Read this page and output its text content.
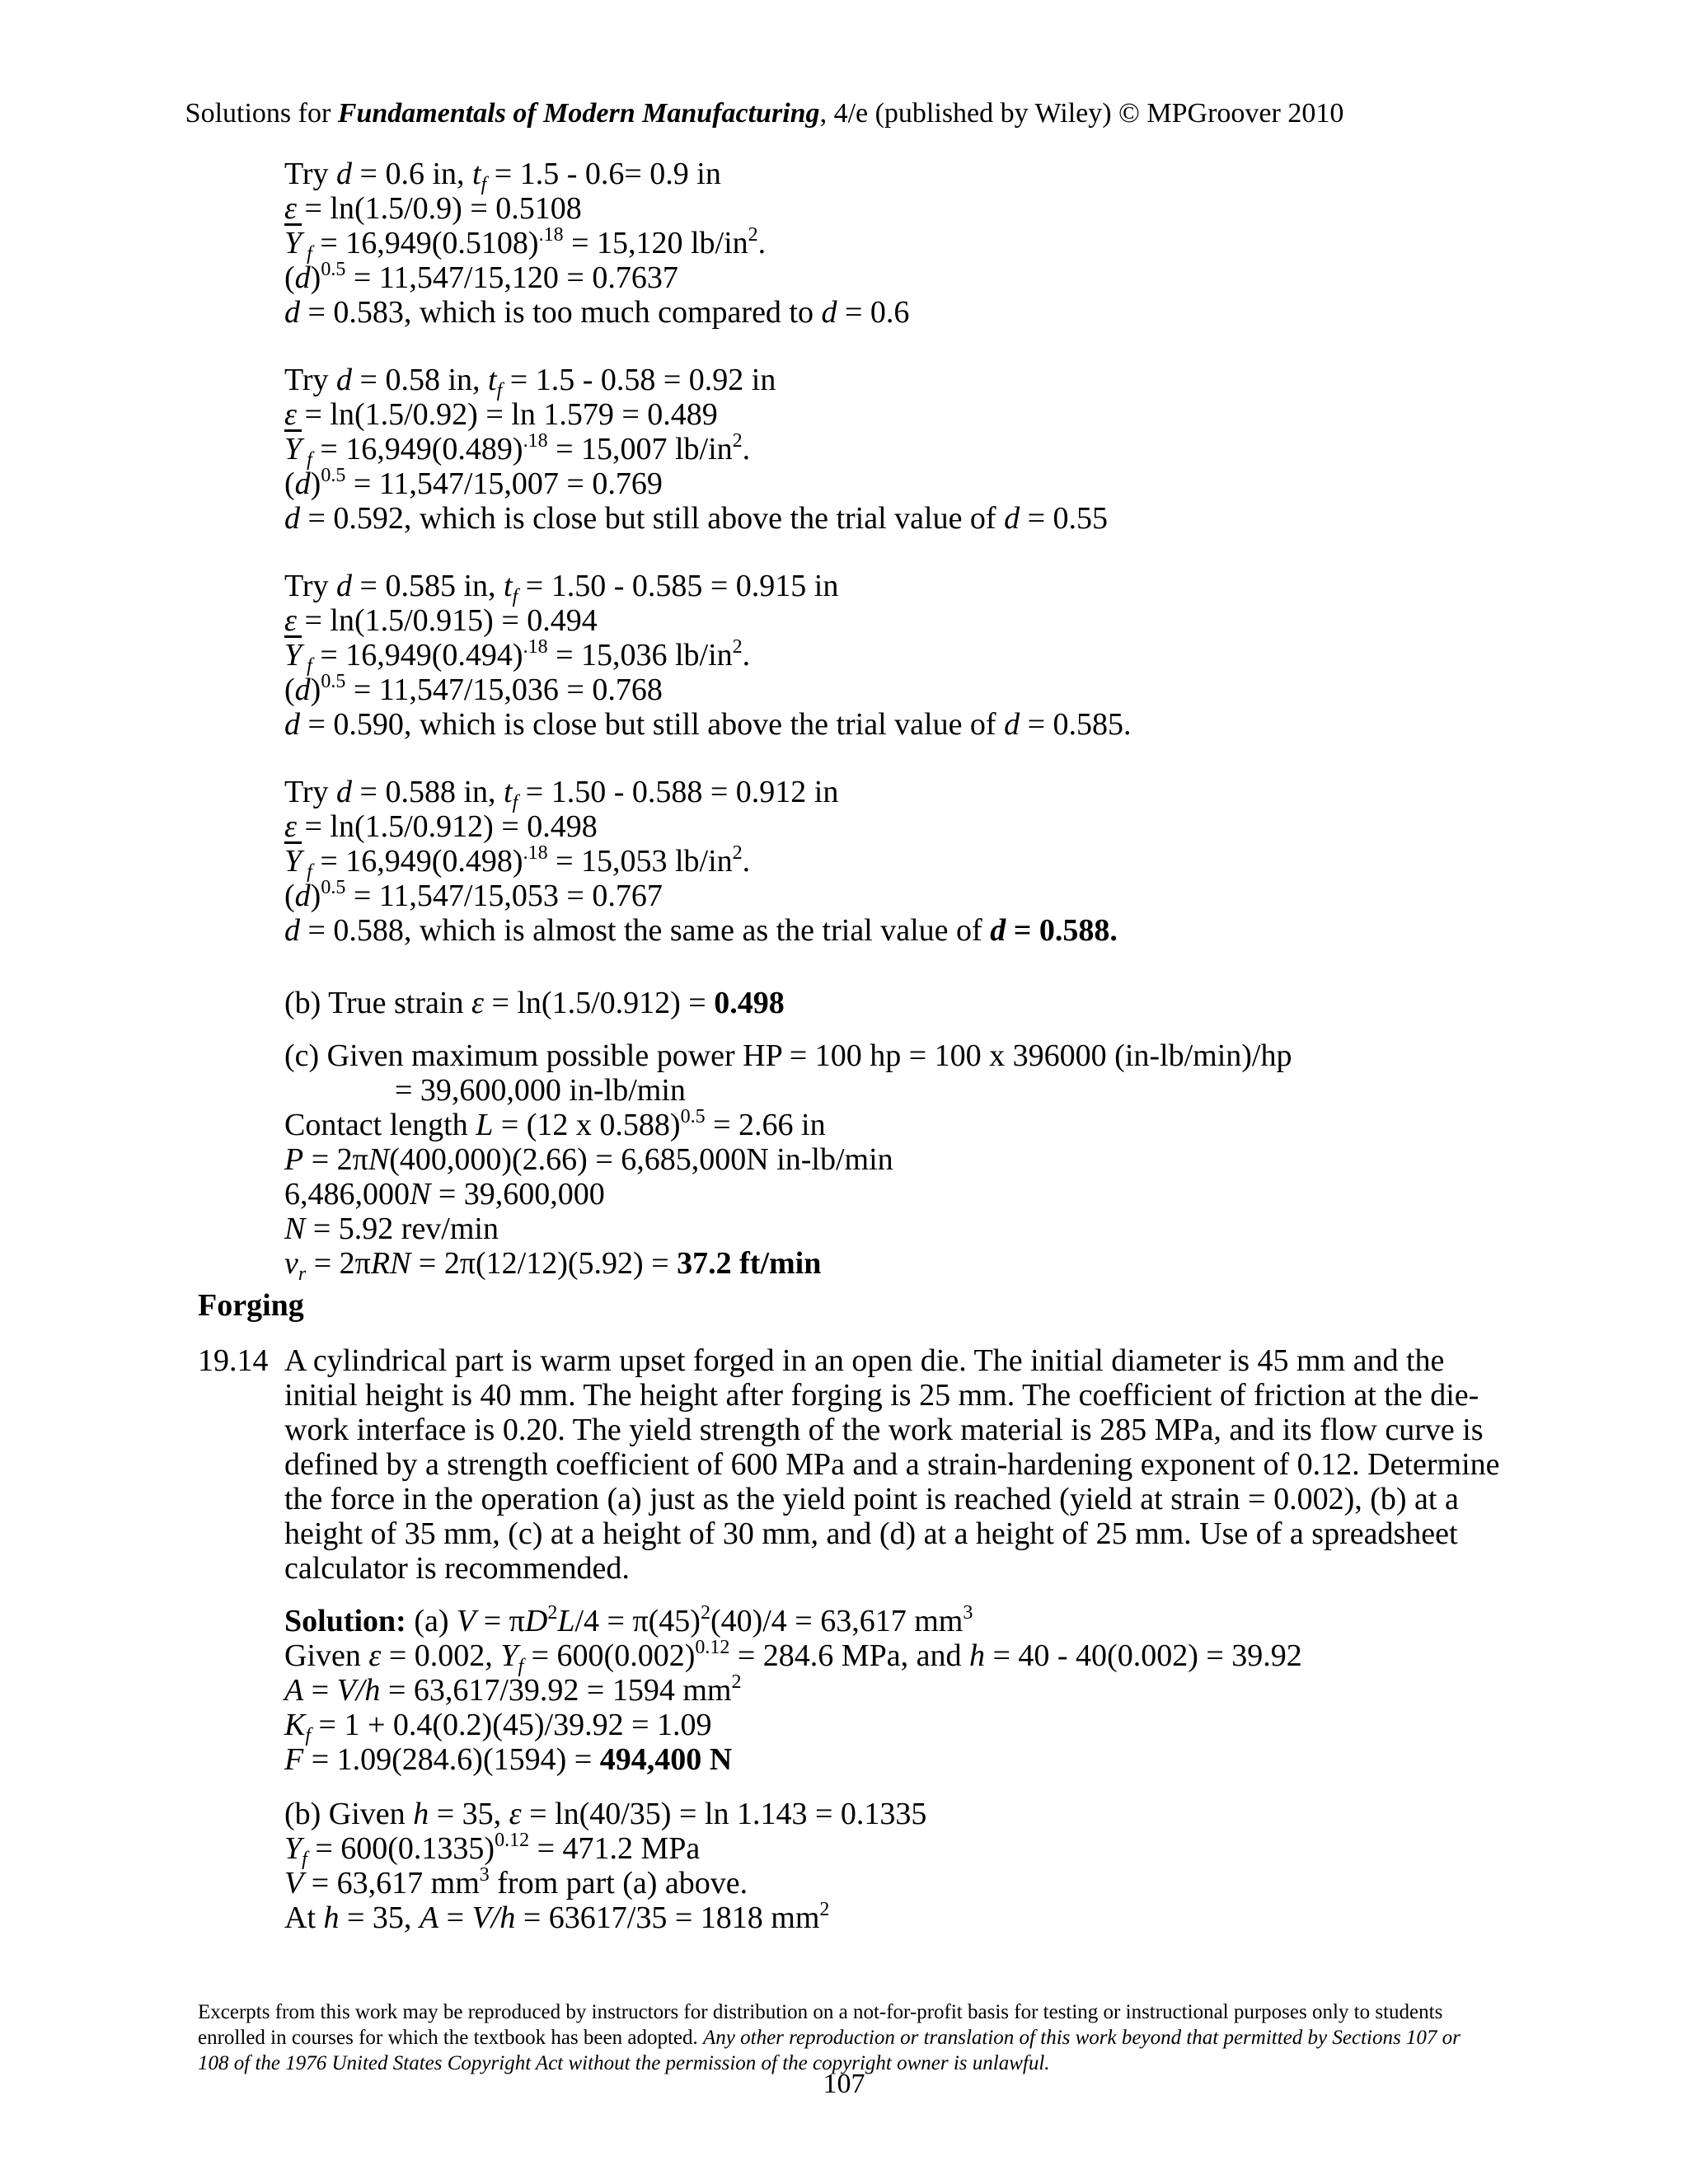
Solutions for Fundamentals of Modern Manufacturing, 4/e (published by Wiley) © MPGroover 2010
Try d = 0.6 in, $t_f = 1.5 - 0.6= 0.9$ in
ε = ln(1.5/0.9) = 0.5108
$\overline{Y}$ $_f = 16,949(0.5108)^{.18} = 15,120$ $lb/in^2$.
$(d)^{0.5} = 11,547/15,120 = 0.7637$
d = 0.583, which is too much compared to d = 0.6
Try d = 0.58 in, $t_f = 1.5 - 0.58 = 0.92$ in
ε = ln(1.5/0.92) = ln 1.579 = 0.489
$\overline{Y}$ $_f = 16,949(0.489)^{.18} = 15,007$ $lb/in^2$.
$(d)^{0.5} = 11,547/15,007 = 0.769$
d = 0.592, which is close but still above the trial value of d = 0.55
Try d = 0.585 in, $t_f = 1.50 - 0.585 = 0.915$ in
ε = ln(1.5/0.915) = 0.494
$\overline{Y}$ $_f = 16,949(0.494)^{.18} = 15,036$ $lb/in^2$.
$(d)^{0.5} = 11,547/15,036 = 0.768$
d = 0.590, which is close but still above the trial value of d = 0.585.
Try d = 0.588 in, $t_f = 1.50 - 0.588 = 0.912$ in
ε = ln(1.5/0.912) = 0.498
$\overline{Y}$ $_f = 16,949(0.498)^{.18} = 15,053$ $lb/in^2$.
$(d)^{0.5} = 11,547/15,053 = 0.767$
d = 0.588, which is almost the same as the trial value of d = 0.588.
(b) True strain ε = ln(1.5/0.912) = 0.498
(c) Given maximum possible power HP = 100 hp = 100 x 396000 (in-lb/min)/hp
= 39,600,000 in-lb/min
Contact length L = (12 x 0.588)$^{0.5}$ = 2.66 in
P = 2πN(400,000)(2.66) = 6,685,000N in-lb/min
6,486,000N = 39,600,000
N = 5.92 rev/min
$v_r = 2\pi RN = 2\pi(12/12)(5.92) = 37.2$ ft/min
Forging
19.14 A cylindrical part is warm upset forged in an open die. The initial diameter is 45 mm and the initial height is 40 mm. The height after forging is 25 mm. The coefficient of friction at the die-work interface is 0.20. The yield strength of the work material is 285 MPa, and its flow curve is defined by a strength coefficient of 600 MPa and a strain-hardening exponent of 0.12. Determine the force in the operation (a) just as the yield point is reached (yield at strain = 0.002), (b) at a height of 35 mm, (c) at a height of 30 mm, and (d) at a height of 25 mm. Use of a spreadsheet calculator is recommended.
Solution: (a) $V = \pi D^2L/4 = \pi(45)^2(40)/4 = 63,617$ $mm^3$
Given ε = 0.002, $Y_f = 600(0.002)^{0.12} = 284.6$ MPa, and h = 40 - 40(0.002) = 39.92
A = V/h = 63,617/39.92 = 1594 $mm^2$
$K_f = 1 + 0.4(0.2)(45)/39.92 = 1.09$
F = 1.09(284.6)(1594) = 494,400 N
(b) Given h = 35, ε = ln(40/35) = ln 1.143 = 0.1335
$Y_f = 600(0.1335)^{0.12} = 471.2$ MPa
V = 63,617 $mm^3$ from part (a) above.
At h = 35, A = V/h = 63617/35 = 1818 $mm^2$
Excerpts from this work may be reproduced by instructors for distribution on a not-for-profit basis for testing or instructional purposes only to students enrolled in courses for which the textbook has been adopted. Any other reproduction or translation of this work beyond that permitted by Sections 107 or 108 of the 1976 United States Copyright Act without the permission of the copyright owner is unlawful.
107
